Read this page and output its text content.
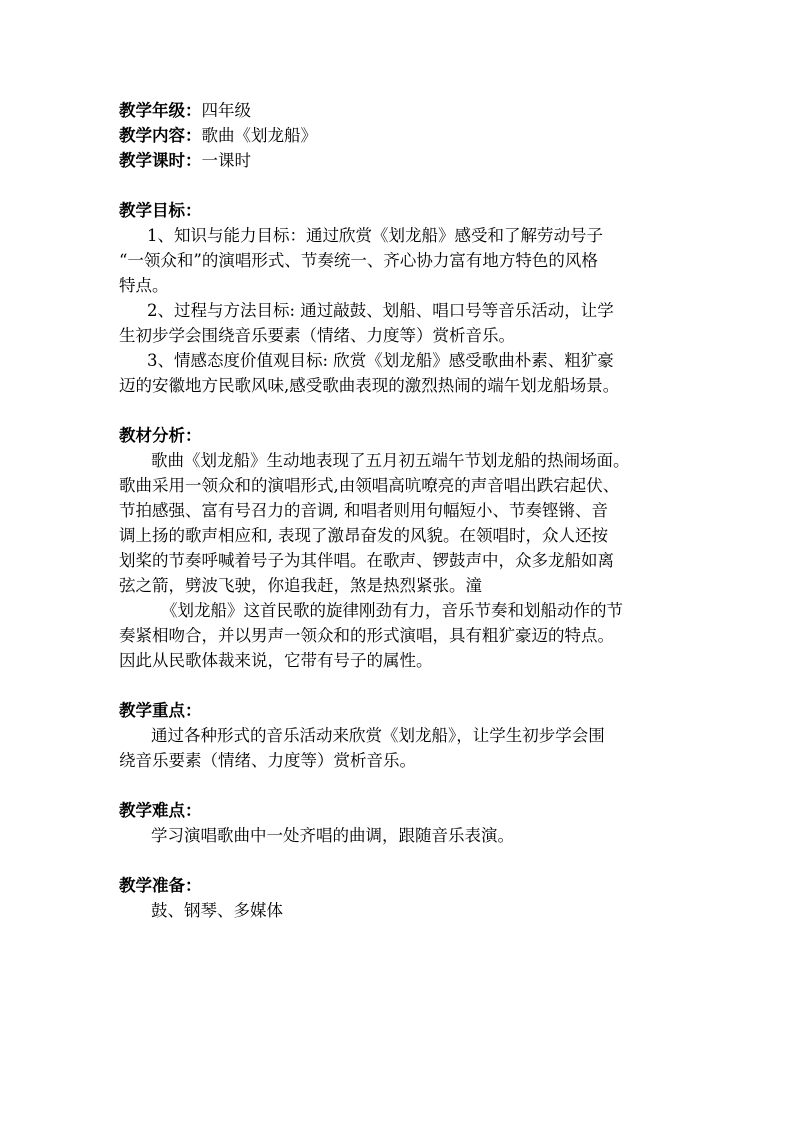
教学年级：四年级
教学内容：歌曲《划龙船》
教学课时：一课时
教学目标：
1、知识与能力目标：通过欣赏《划龙船》感受和了解劳动号子
“一领众和”的演唱形式、节奏统一、齐心协力富有地方特色的风格
特点。
2、过程与方法目标: 通过敲鼓、划船、唱口号等音乐活动，让学
生初步学会围绕音乐要素（情绪、力度等）赏析音乐。
3、情感态度价值观目标: 欣赏《划龙船》感受歌曲朴素、粗犷豪
迈的安徽地方民歌风味,感受歌曲表现的激烈热闹的端午划龙船场景。
教材分析：
歌曲《划龙船》生动地表现了五月初五端午节划龙船的热闹场面。
歌曲采用一领众和的演唱形式,由领唱高吭嘹亮的声音唱出跌宕起伏、
节拍感强、富有号召力的音调, 和唱者则用句幅短小、节奏铿锵、音
调上扬的歌声相应和, 表现了激昂奋发的风貌。在领唱时，众人还按
划桨的节奏呼喊着号子为其伴唱。在歌声、锣鼓声中，众多龙船如离
弦之箭，劈波飞驶，你追我赶，煞是热烈紧张。潼
《划龙船》这首民歌的旋律刚劲有力，音乐节奏和划船动作的节
奏紧相吻合，并以男声一领众和的形式演唱，具有粗犷豪迈的特点。
因此从民歌体裁来说，它带有号子的属性。
教学重点：
通过各种形式的音乐活动来欣赏《划龙船》，让学生初步学会围
绕音乐要素（情绪、力度等）赏析音乐。
教学难点：
学习演唱歌曲中一处齐唱的曲调，跟随音乐表演。
教学准备：
鼓、钢琴、多媒体
